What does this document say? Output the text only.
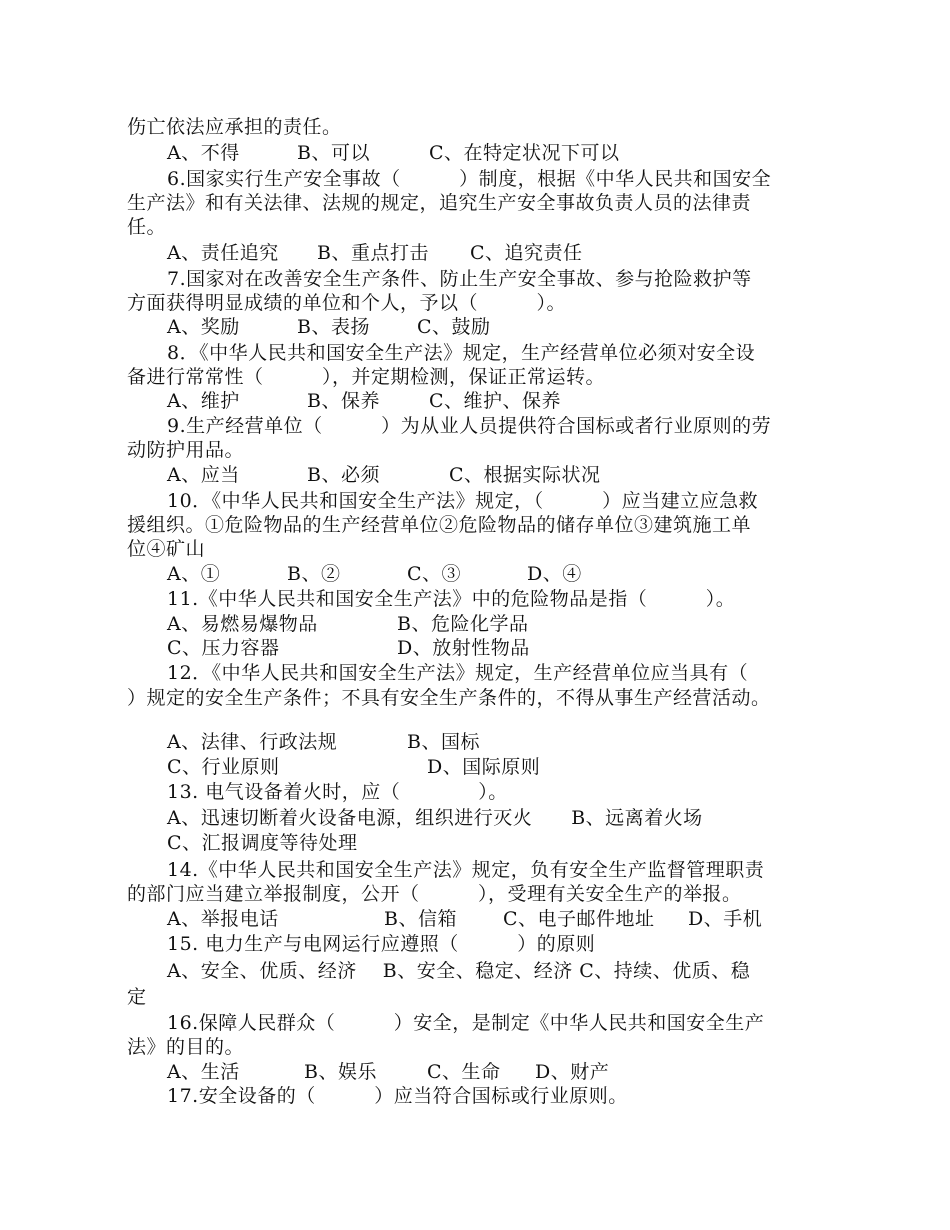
伤亡依法应承担的责任。

A、不得

	B、可以

	C、在特定状况下可以

6.国家实行生产安全事故（　　　）制度，根据《中华人民共和国安全
生产法》和有关法律、法规的规定，追究生产安全事故负责人员的法律责
任。

A、责任追究

B、重点打击

C、追究责任

7.国家对在改善安全生产条件、防止生产安全事故、参与抢险救护等
方面获得明显成绩的单位和个人，予以（　　　）。

A、奖励

	B、表扬

C、鼓励

8．《中华人民共和国安全生产法》规定，生产经营单位必须对安全设
备进行常常性（　　　），并定期检测，保证正常运转。

A、维护

	B、保养

	C、维护、保养

9.生产经营单位（　　　）为从业人员提供符合国标或者行业原则的劳
动防护用品。

A、应当

	B、必须

	C、根据实际状况

10．《中华人民共和国安全生产法》规定，（　　　）应当建立应急救
援组织。①危险物品的生产经营单位②危险物品的储存单位③建筑施工单
位④矿山

A、①

	B、②

	C、③

	D、④

11.《中华人民共和国安全生产法》中的危险物品是指（　　　）。

A、易燃易爆物品

	B、危险化学品

C、压力容器

	D、放射性物品

12．《中华人民共和国安全生产法》规定，生产经营单位应当具有（
）规定的安全生产条件；不具有安全生产条件的，不得从事生产经营活动。

A、法律、行政法规

	B、国标

C、行业原则

	D、国际原则

13. 电气设备着火时，应（　　　　）。
A、迅速切断着火设备电源，组织进行灭火　　B、远离着火场
C、汇报调度等待处理
14.《中华人民共和国安全生产法》规定，负有安全生产监督管理职责
的部门应当建立举报制度，公开（　　　），受理有关安全生产的举报。

A、举报电话

	B、信箱

C、电子邮件地址

D、手机

15. 电力生产与电网运行应遵照（　　　）的原则
A、安全、优质、经济　 B、安全、稳定、经济 C、持续、优质、稳
定
16.保障人民群众（　　　）安全，是制定《中华人民共和国安全生产
法》的目的。

A、生活

	B、娱乐

	C、生命

D、财产

17.安全设备的（　　　）应当符合国标或行业原则。
